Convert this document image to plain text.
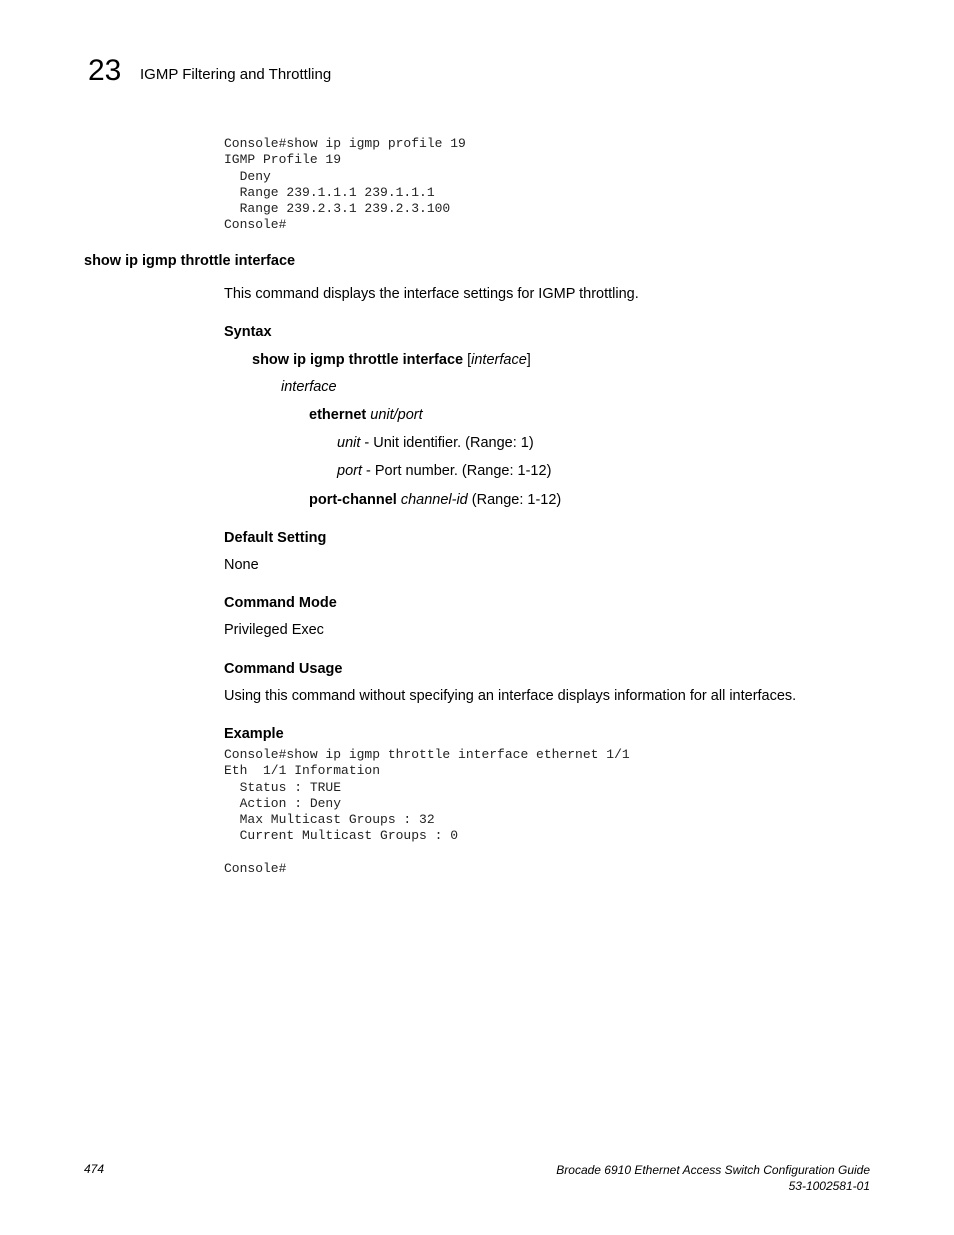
23 IGMP Filtering and Throttling
Console#show ip igmp profile 19
IGMP Profile 19
Deny
Range 239.1.1.1 239.1.1.1
Range 239.2.3.1 239.2.3.100
Console#
show ip igmp throttle interface
This command displays the interface settings for IGMP throttling.
Syntax
show ip igmp throttle interface [interface]
interface
ethernet unit/port
unit - Unit identifier. (Range: 1)
port - Port number. (Range: 1-12)
port-channel channel-id (Range: 1-12)
Default Setting
None
Command Mode
Privileged Exec
Command Usage
Using this command without specifying an interface displays information for all interfaces.
Example
Console#show ip igmp throttle interface ethernet 1/1
Eth  1/1 Information
Status : TRUE
Action : Deny
Max Multicast Groups : 32
Current Multicast Groups : 0

Console#
474	Brocade 6910 Ethernet Access Switch Configuration Guide
53-1002581-01
